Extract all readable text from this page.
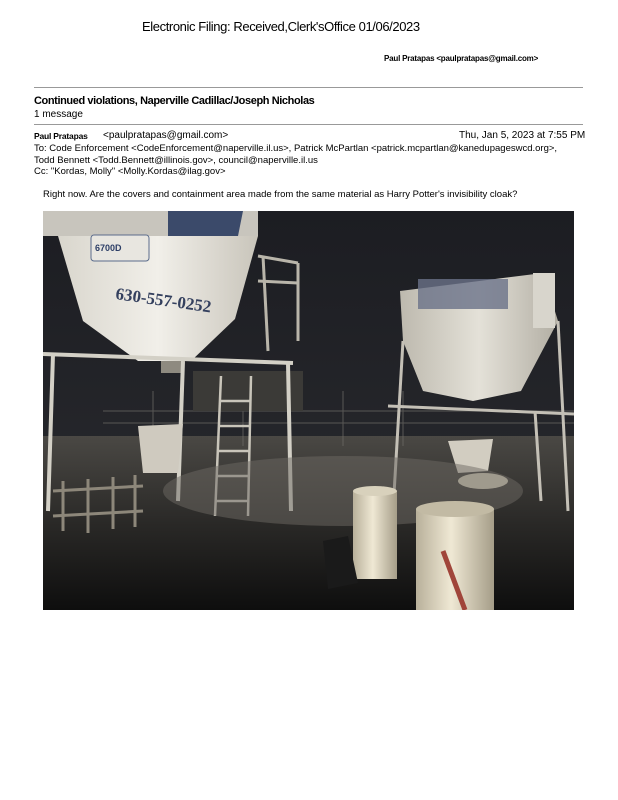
Electronic Filing: Received,Clerk'sOffice 01/06/2023
Paul Pratapas <paulpratapas@gmail.com>
Continued violations, Naperville Cadillac/Joseph Nicholas
1 message
Paul Pratapas <paulpratapas@gmail.com>	Thu, Jan 5, 2023 at 7:55 PM
To: Code Enforcement <CodeEnforcement@naperville.il.us>, Patrick McPartlan <patrick.mcpartlan@kanedupageswcd.org>,
Todd Bennett <Todd.Bennett@illinois.gov>, council@naperville.il.us
Cc: "Kordas, Molly" <Molly.Kordas@ilag.gov>
Right now. Are the covers and containment area made from the same material as Harry Potter's invisibility cloak?
6700D
630-557-0252
